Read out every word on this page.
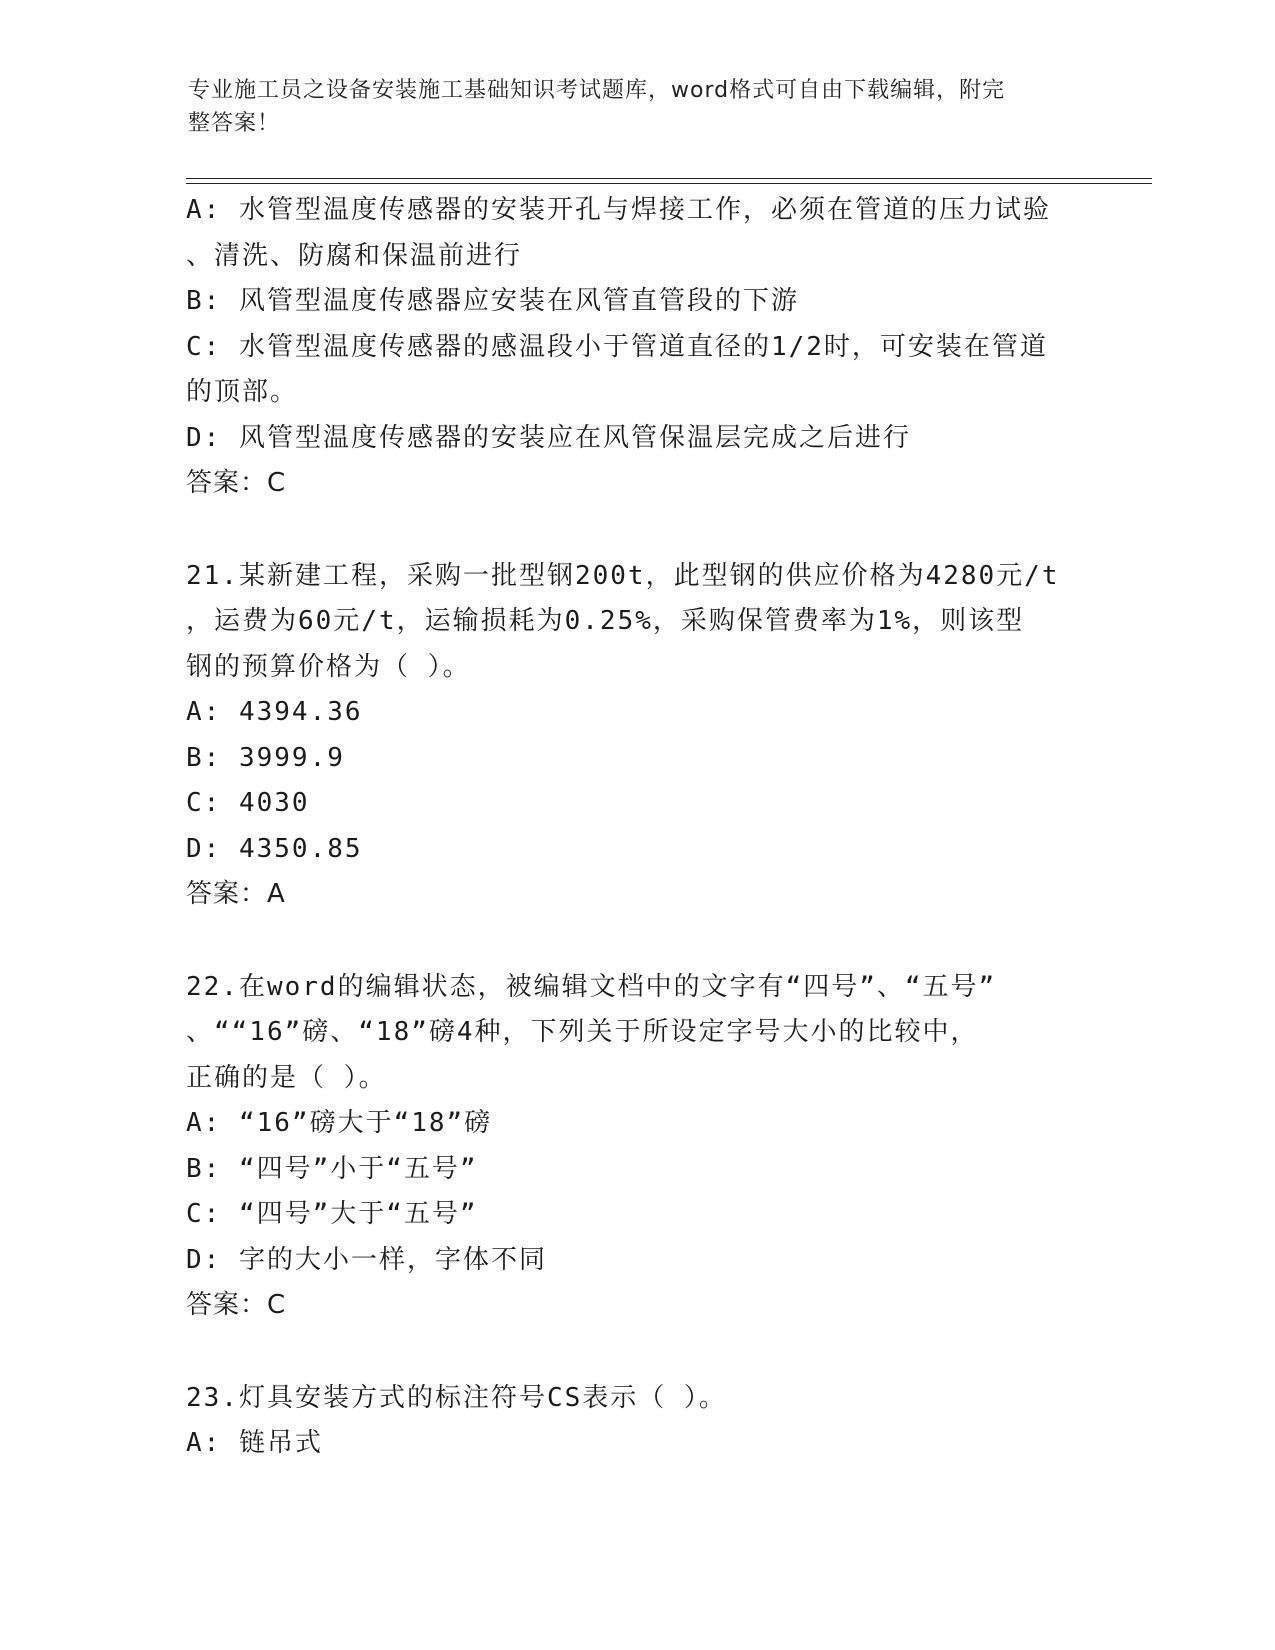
专业施工员之设备安装施工基础知识考试题库，word格式可自由下载编辑，附完
整答案！
A: 水管型温度传感器的安装开孔与焊接工作，必须在管道的压力试验
、清洗、防腐和保温前进行
B: 风管型温度传感器应安装在风管直管段的下游
C: 水管型温度传感器的感温段小于管道直径的1/2时，可安装在管道
的顶部。
D: 风管型温度传感器的安装应在风管保温层完成之后进行
答案：C
21.某新建工程，采购一批型钢200t，此型钢的供应价格为4280元/t
，运费为60元/t，运输损耗为0.25%，采购保管费率为1%，则该型
钢的预算价格为（ ）。
A: 4394.36
B: 3999.9
C: 4030
D: 4350.85
答案：A
22.在word的编辑状态，被编辑文档中的文字有“四号”、“五号”
、““16”磅、“18”磅4种，下列关于所设定字号大小的比较中，
正确的是（ ）。
A: “16”磅大于“18”磅
B: “四号”小于“五号”
C: “四号”大于“五号”
D: 字的大小一样，字体不同
答案：C
23.灯具安装方式的标注符号CS表示（ ）。
A: 链吊式
